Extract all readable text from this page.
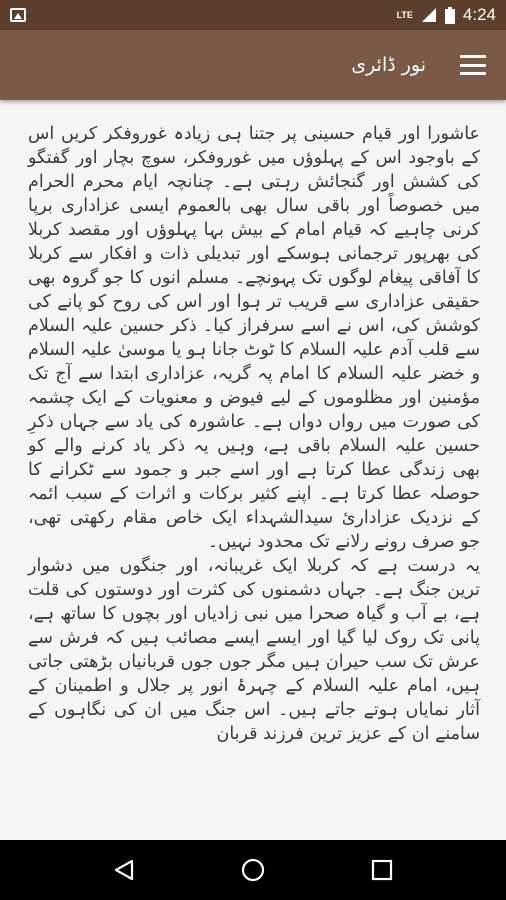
LTE	4:24
نور ڈائری
عاشورا اور قیام حسینی پر جتنا ہی زیادہ غوروفکر کریں اس کے باوجود اس کے پہلوؤں میں غوروفکر، سوچ بچار اور گفتگو کی کشش اور گنجائش رہتی ہے۔ چنانچہ ایام محرم الحرام میں خصوصاً اور باقی سال بھی بالعموم ایسی عزاداری برپا کرنی چاہیے کہ قیام امام کے بیش بہا پہلوؤں اور مقصد کربلا کی بھرپور ترجمانی ہوسکے اور تبدیلی ذات و افکار سے کربلا کا آفاقی پیغام لوگوں تک پہونچے۔ مسلم انوں کا جو گروہ بھی حقیقی عزاداری سے قریب تر ہوا اور اس کی روح کو پانے کی کوشش کی، اس نے اسے سرفراز کیا۔ ذکر حسین علیہ السلام سے قلب آدم علیہ السلام کا ٹوٹ جانا ہو یا موسیٰ علیہ السلام و خضر علیہ السلام کا امام پہ گریہ، عزاداری ابتدا سے آج تک مؤمنین اور مظلوموں کے لیے فیوض و معنویات کے ایک چشمہ کی صورت میں رواں دواں ہے۔ عاشورہ کی یاد سے جہاں ذکرِ حسین علیہ السلام باقی ہے، وہیں یہ ذکر یاد کرنے والے کو بھی زندگی عطا کرتا ہے اور اسے جبر و جمود سے ٹکرانے کا حوصلہ عطا کرتا ہے۔ اپنے کثیر برکات و اثرات کے سبب ائمہ کے نزدیک عزاداریٔ سیدالشہداء ایک خاص مقام رکھتی تھی، جو صرف رونے رلانے تک محدود نہیں۔
یہ درست ہے کہ کربلا ایک غریبانہ، اور جنگوں میں دشوار ترین جنگ ہے۔ جہاں دشمنوں کی کثرت اور دوستوں کی قلت ہے، بے آب و گیاہ صحرا میں نبی زادیاں اور بچوں کا ساتھ ہے، پانی تک روک لیا گیا اور ایسے ایسے مصائب ہیں کہ فرش سے عرش تک سب حیران ہیں مگر جوں جوں قربانیاں بڑھتی جاتی ہیں، امام علیہ السلام کے چہرۂ انور پر جلال و اطمینان کے آثار نمایاں ہوتے جاتے ہیں۔ اس جنگ میں ان کی نگاہوں کے سامنے ان کے عزیز ترین فرزند قربان
